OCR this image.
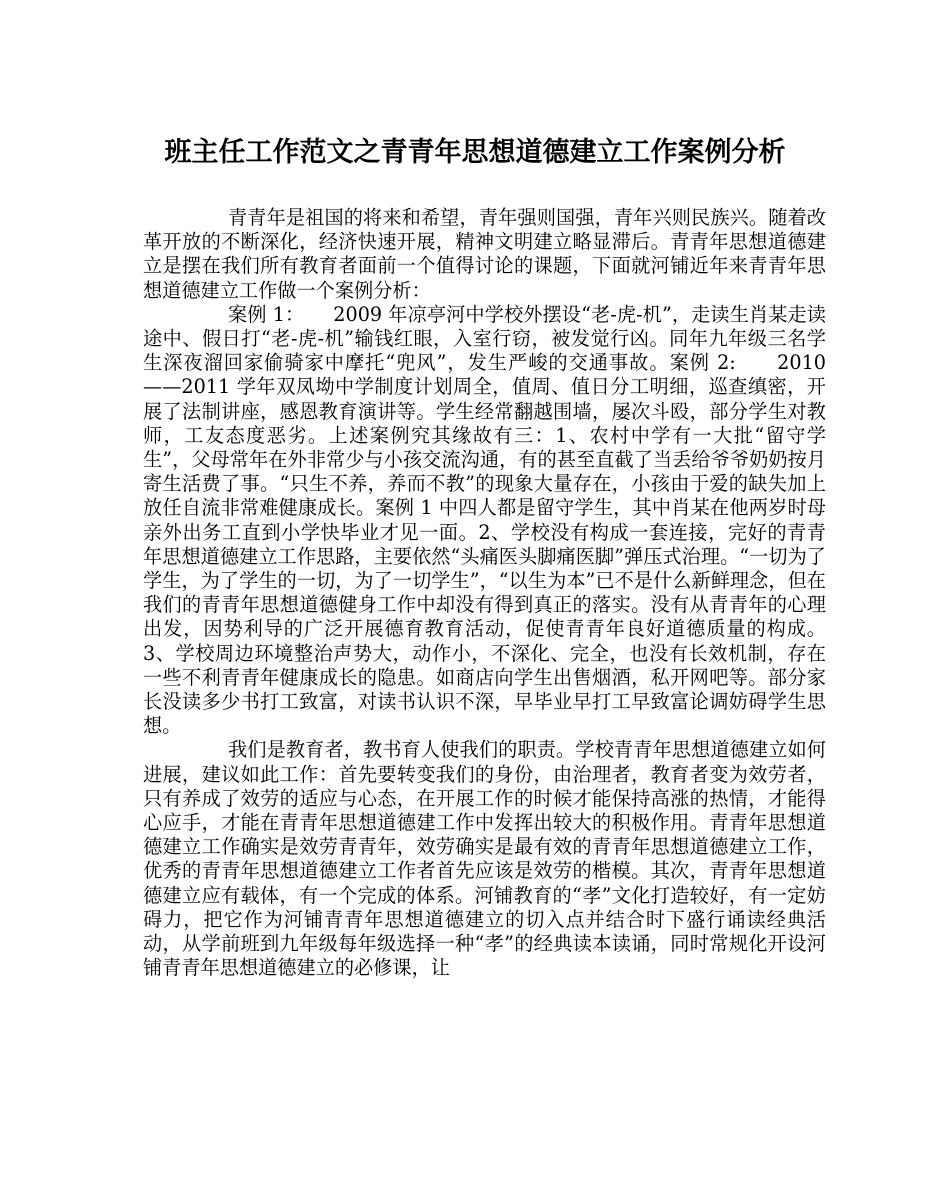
班主任工作范文之青青年思想道德建立工作案例分析

青青年是祖国的将来和希望，青年强则国强，青年兴则民族兴。随着改革开放的不断深化，经济快速开展，精神文明建立略显滞后。青青年思想道德建立是摆在我们所有教育者面前一个值得讨论的课题，下面就河铺近年来青青年思想道德建立工作做一个案例分析：

案例 1：　　2009 年凉亭河中学校外摆设“老-虎-机”，走读生肖某走读途中、假日打“老-虎-机”输钱红眼，入室行窃，被发觉行凶。同年九年级三名学生深夜溜回家偷骑家中摩托“兜风”，发生严峻的交通事故。案例 2:　　2010——2011 学年双凤坳中学制度计划周全，值周、值日分工明细，巡查缜密，开展了法制讲座，感恩教育演讲等。学生经常翻越围墙，屡次斗殴，部分学生对教师，工友态度恶劣。上述案例究其缘故有三：1、农村中学有一大批“留守学生”，父母常年在外非常少与小孩交流沟通，有的甚至直截了当丢给爷爷奶奶按月寄生活费了事。“只生不养，养而不教”的现象大量存在，小孩由于爱的缺失加上放任自流非常难健康成长。案例 1 中四人都是留守学生，其中肖某在他两岁时母亲外出务工直到小学快毕业才见一面。2、学校没有构成一套连接，完好的青青年思想道德建立工作思路，主要依然“头痛医头脚痛医脚”弹压式治理。“一切为了学生，为了学生的一切，为了一切学生”，“以生为本”已不是什么新鲜理念，但在我们的青青年思想道德健身工作中却没有得到真正的落实。没有从青青年的心理出发，因势利导的广泛开展德育教育活动，促使青青年良好道德质量的构成。3、学校周边环境整治声势大，动作小，不深化、完全，也没有长效机制，存在一些不利青青年健康成长的隐患。如商店向学生出售烟酒，私开网吧等。部分家长没读多少书打工致富，对读书认识不深，早毕业早打工早致富论调妨碍学生思想。

我们是教育者，教书育人使我们的职责。学校青青年思想道德建立如何进展，建议如此工作：首先要转变我们的身份，由治理者，教育者变为效劳者，只有养成了效劳的适应与心态，在开展工作的时候才能保持高涨的热情，才能得心应手，才能在青青年思想道德建工作中发挥出较大的积极作用。青青年思想道德建立工作确实是效劳青青年，效劳确实是最有效的青青年思想道德建立工作，优秀的青青年思想道德建立工作者首先应该是效劳的楷模。其次，青青年思想道德建立应有载体，有一个完成的体系。河铺教育的“孝”文化打造较好，有一定妨碍力，把它作为河铺青青年思想道德建立的切入点并结合时下盛行诵读经典活动，从学前班到九年级每年级选择一种“孝”的经典读本读诵，同时常规化开设河铺青青年思想道德建立的必修课，让
